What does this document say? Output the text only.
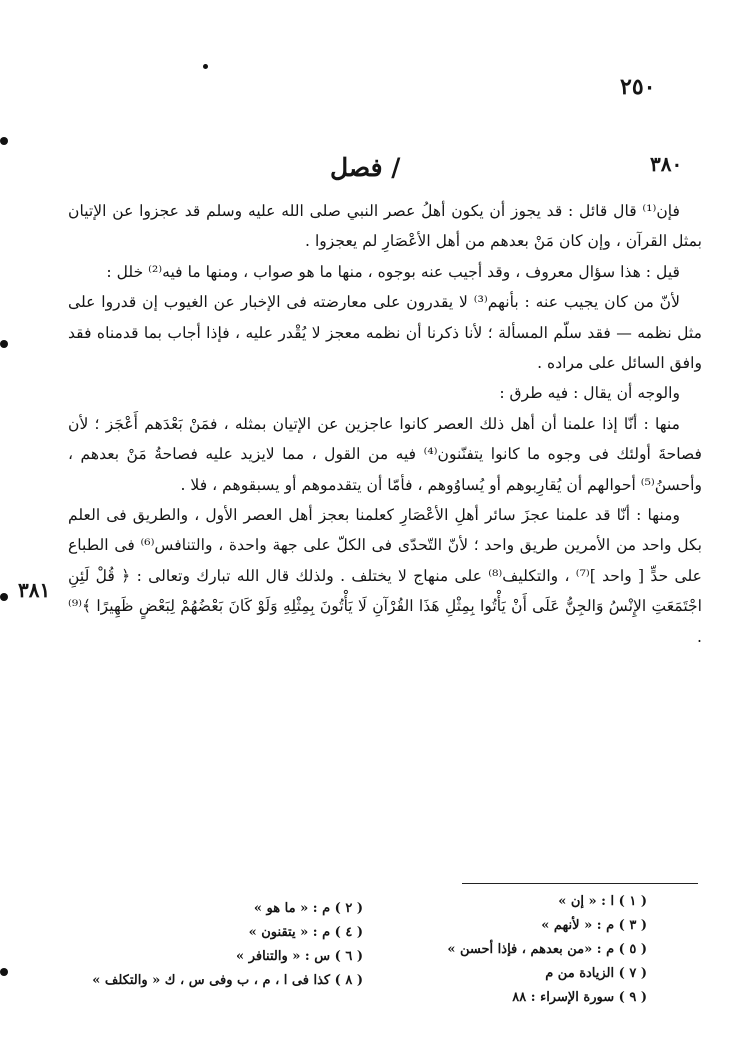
٢٥٠
/ فصل	٣٨٠
٣٨١

فإن⁽¹⁾ قال قائل : قد يجوز أن يكون أهلُ عصر النبي صلى الله عليه وسلم قد عجزوا عن الإتيان بمثل القرآن ، وإن كان مَنْ بعدهم من أهل الأعْصَارِ لم يعجزوا .

قيل : هذا سؤال معروف ، وقد أجيب عنه بوجوه ، منها ما هو صواب ، ومنها ما فيه⁽²⁾ خلل :

لأنّ من كان يجيب عنه : بأنهم⁽³⁾ لا يقدرون على معارضته فى الإخبار عن الغيوب إن قدروا على مثل نظمه — فقد سلّم المسألة ؛ لأنا ذكرنا أن نظمه معجز لا يُقْدر عليه ، فإذا أجاب بما قدمناه فقد وافق السائل على مراده .

والوجه أن يقال : فيه طرق :

منها : أنّا إذا علمنا أن أهل ذلك العصر كانوا عاجزين عن الإتيان بمثله ، فمَنْ بَعْدَهم أَعْجَز ؛ لأن فصاحةَ أولئك فى وجوه ما كانوا يتفنّنون⁽⁴⁾ فيه من القول ، مما لايزيد عليه فصاحةُ مَنْ بعدهم ، وأحسنُ⁽⁵⁾ أحوالهم أن يُقارِبوهم أو يُساوُوهم ، فأمّا أن يتقدموهم أو يسبقوهم ، فلا .

ومنها : أنّا قد علمنا عجزَ سائر أهلِ الأعْصَارِ كعلمنا بعجز أهل العصر الأول ، والطريق فى العلم بكل واحد من الأمرين طريق واحد ؛ لأنّ التّحدّى فى الكلّ على جهة واحدة ، والتنافس⁽⁶⁾ فى الطباع على حدٍّ [ واحد ]⁽⁷⁾ ، والتكليف⁽⁸⁾ على منهاج لا يختلف . ولذلك قال الله تبارك وتعالى : ﴿ قُلْ لَئِنِ اجْتَمَعَتِ الإِنْسُ وَالجِنُّ عَلَى أَنْ يَأْتُوا بِمِثْلِ هَذَا القُرْآنِ لَا يَأْتُونَ بِمِثْلِهِ وَلَوْ كَانَ بَعْضُهُمْ لِبَعْضٍ ظَهِيرًا ﴾⁽⁹⁾ .

( ١ ) ا : « إن »
( ٣ ) م : « لأنهم »
( ٥ ) م : «من بعدهم ، فإذا أحسن »
( ٧ ) الزيادة من م
( ٩ ) سورة الإسراء : ٨٨
( ٢ ) م : « ما هو »
( ٤ ) م : « يتقنون »
( ٦ ) س : « والتنافر »
( ٨ ) كذا فى ا ، م ، ب وفى س ، ك « والتكلف »
